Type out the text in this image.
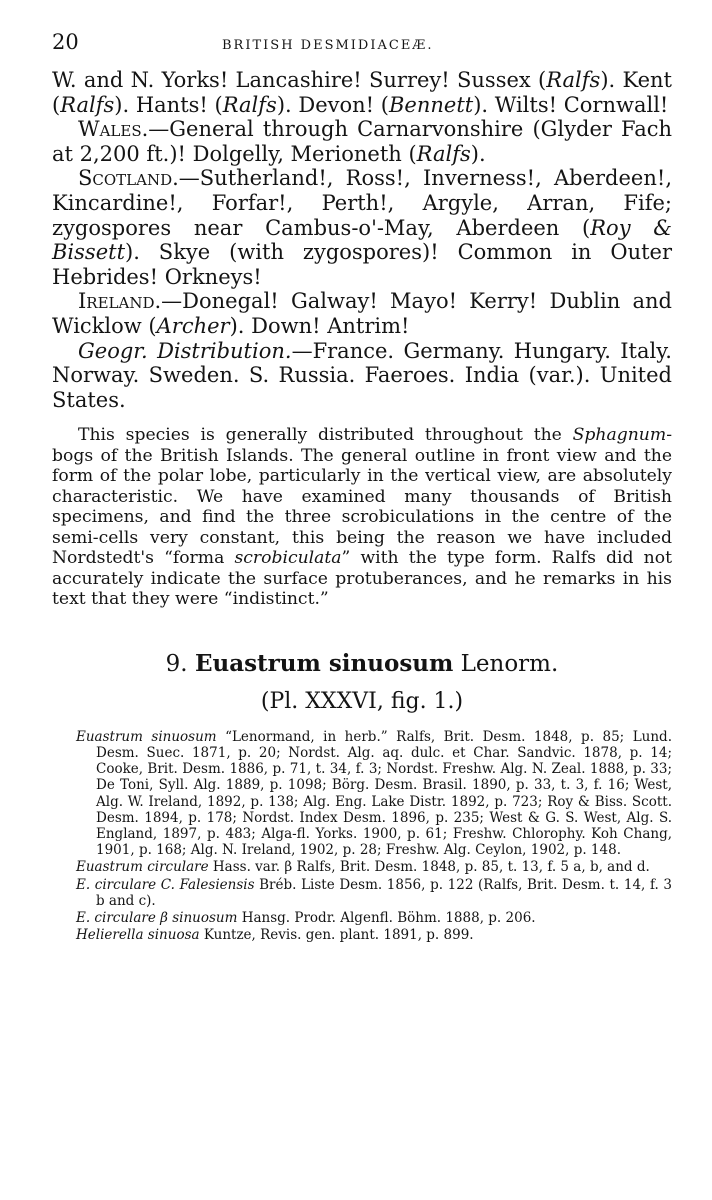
20	BRITISH DESMIDIACEÆ.

W. and N. Yorks! Lancashire! Surrey! Sussex (Ralfs). Kent (Ralfs). Hants! (Ralfs). Devon! (Bennett). Wilts! Cornwall!

Wales.—General through Carnarvonshire (Glyder Fach at 2,200 ft.)! Dolgelly, Merioneth (Ralfs).

Scotland.—Sutherland!, Ross!, Inverness!, Aberdeen!, Kincardine!, Forfar!, Perth!, Argyle, Arran, Fife; zygospores near Cambus-o'-May, Aberdeen (Roy & Bissett). Skye (with zygospores)! Common in Outer Hebrides! Orkneys!

Ireland.—Donegal! Galway! Mayo! Kerry! Dublin and Wicklow (Archer). Down! Antrim!

Geogr. Distribution.—France. Germany. Hungary. Italy. Norway. Sweden. S. Russia. Faeroes. India (var.). United States.

This species is generally distributed throughout the Sphagnum-bogs of the British Islands. The general outline in front view and the form of the polar lobe, particularly in the vertical view, are absolutely characteristic. We have examined many thousands of British specimens, and find the three scrobiculations in the centre of the semi-cells very constant, this being the reason we have included Nordstedt's “forma scrobiculata” with the type form. Ralfs did not accurately indicate the surface protuberances, and he remarks in his text that they were “indistinct.”

9. Euastrum sinuosum Lenorm.
(Pl. XXXVI, fig. 1.)

Euastrum sinuosum “Lenormand, in herb.” Ralfs, Brit. Desm. 1848, p. 85; Lund. Desm. Suec. 1871, p. 20; Nordst. Alg. aq. dulc. et Char. Sandvic. 1878, p. 14; Cooke, Brit. Desm. 1886, p. 71, t. 34, f. 3; Nordst. Freshw. Alg. N. Zeal. 1888, p. 33; De Toni, Syll. Alg. 1889, p. 1098; Börg. Desm. Brasil. 1890, p. 33, t. 3, f. 16; West, Alg. W. Ireland, 1892, p. 138; Alg. Eng. Lake Distr. 1892, p. 723; Roy & Biss. Scott. Desm. 1894, p. 178; Nordst. Index Desm. 1896, p. 235; West & G. S. West, Alg. S. England, 1897, p. 483; Alga-fl. Yorks. 1900, p. 61; Freshw. Chlorophy. Koh Chang, 1901, p. 168; Alg. N. Ireland, 1902, p. 28; Freshw. Alg. Ceylon, 1902, p. 148.

Euastrum circulare Hass. var. β Ralfs, Brit. Desm. 1848, p. 85, t. 13, f. 5 a, b, and d.

E. circulare C. Falesiensis Bréb. Liste Desm. 1856, p. 122 (Ralfs, Brit. Desm. t. 14, f. 3 b and c).

E. circulare β sinuosum Hansg. Prodr. Algenfl. Böhm. 1888, p. 206.

Helierella sinuosa Kuntze, Revis. gen. plant. 1891, p. 899.
